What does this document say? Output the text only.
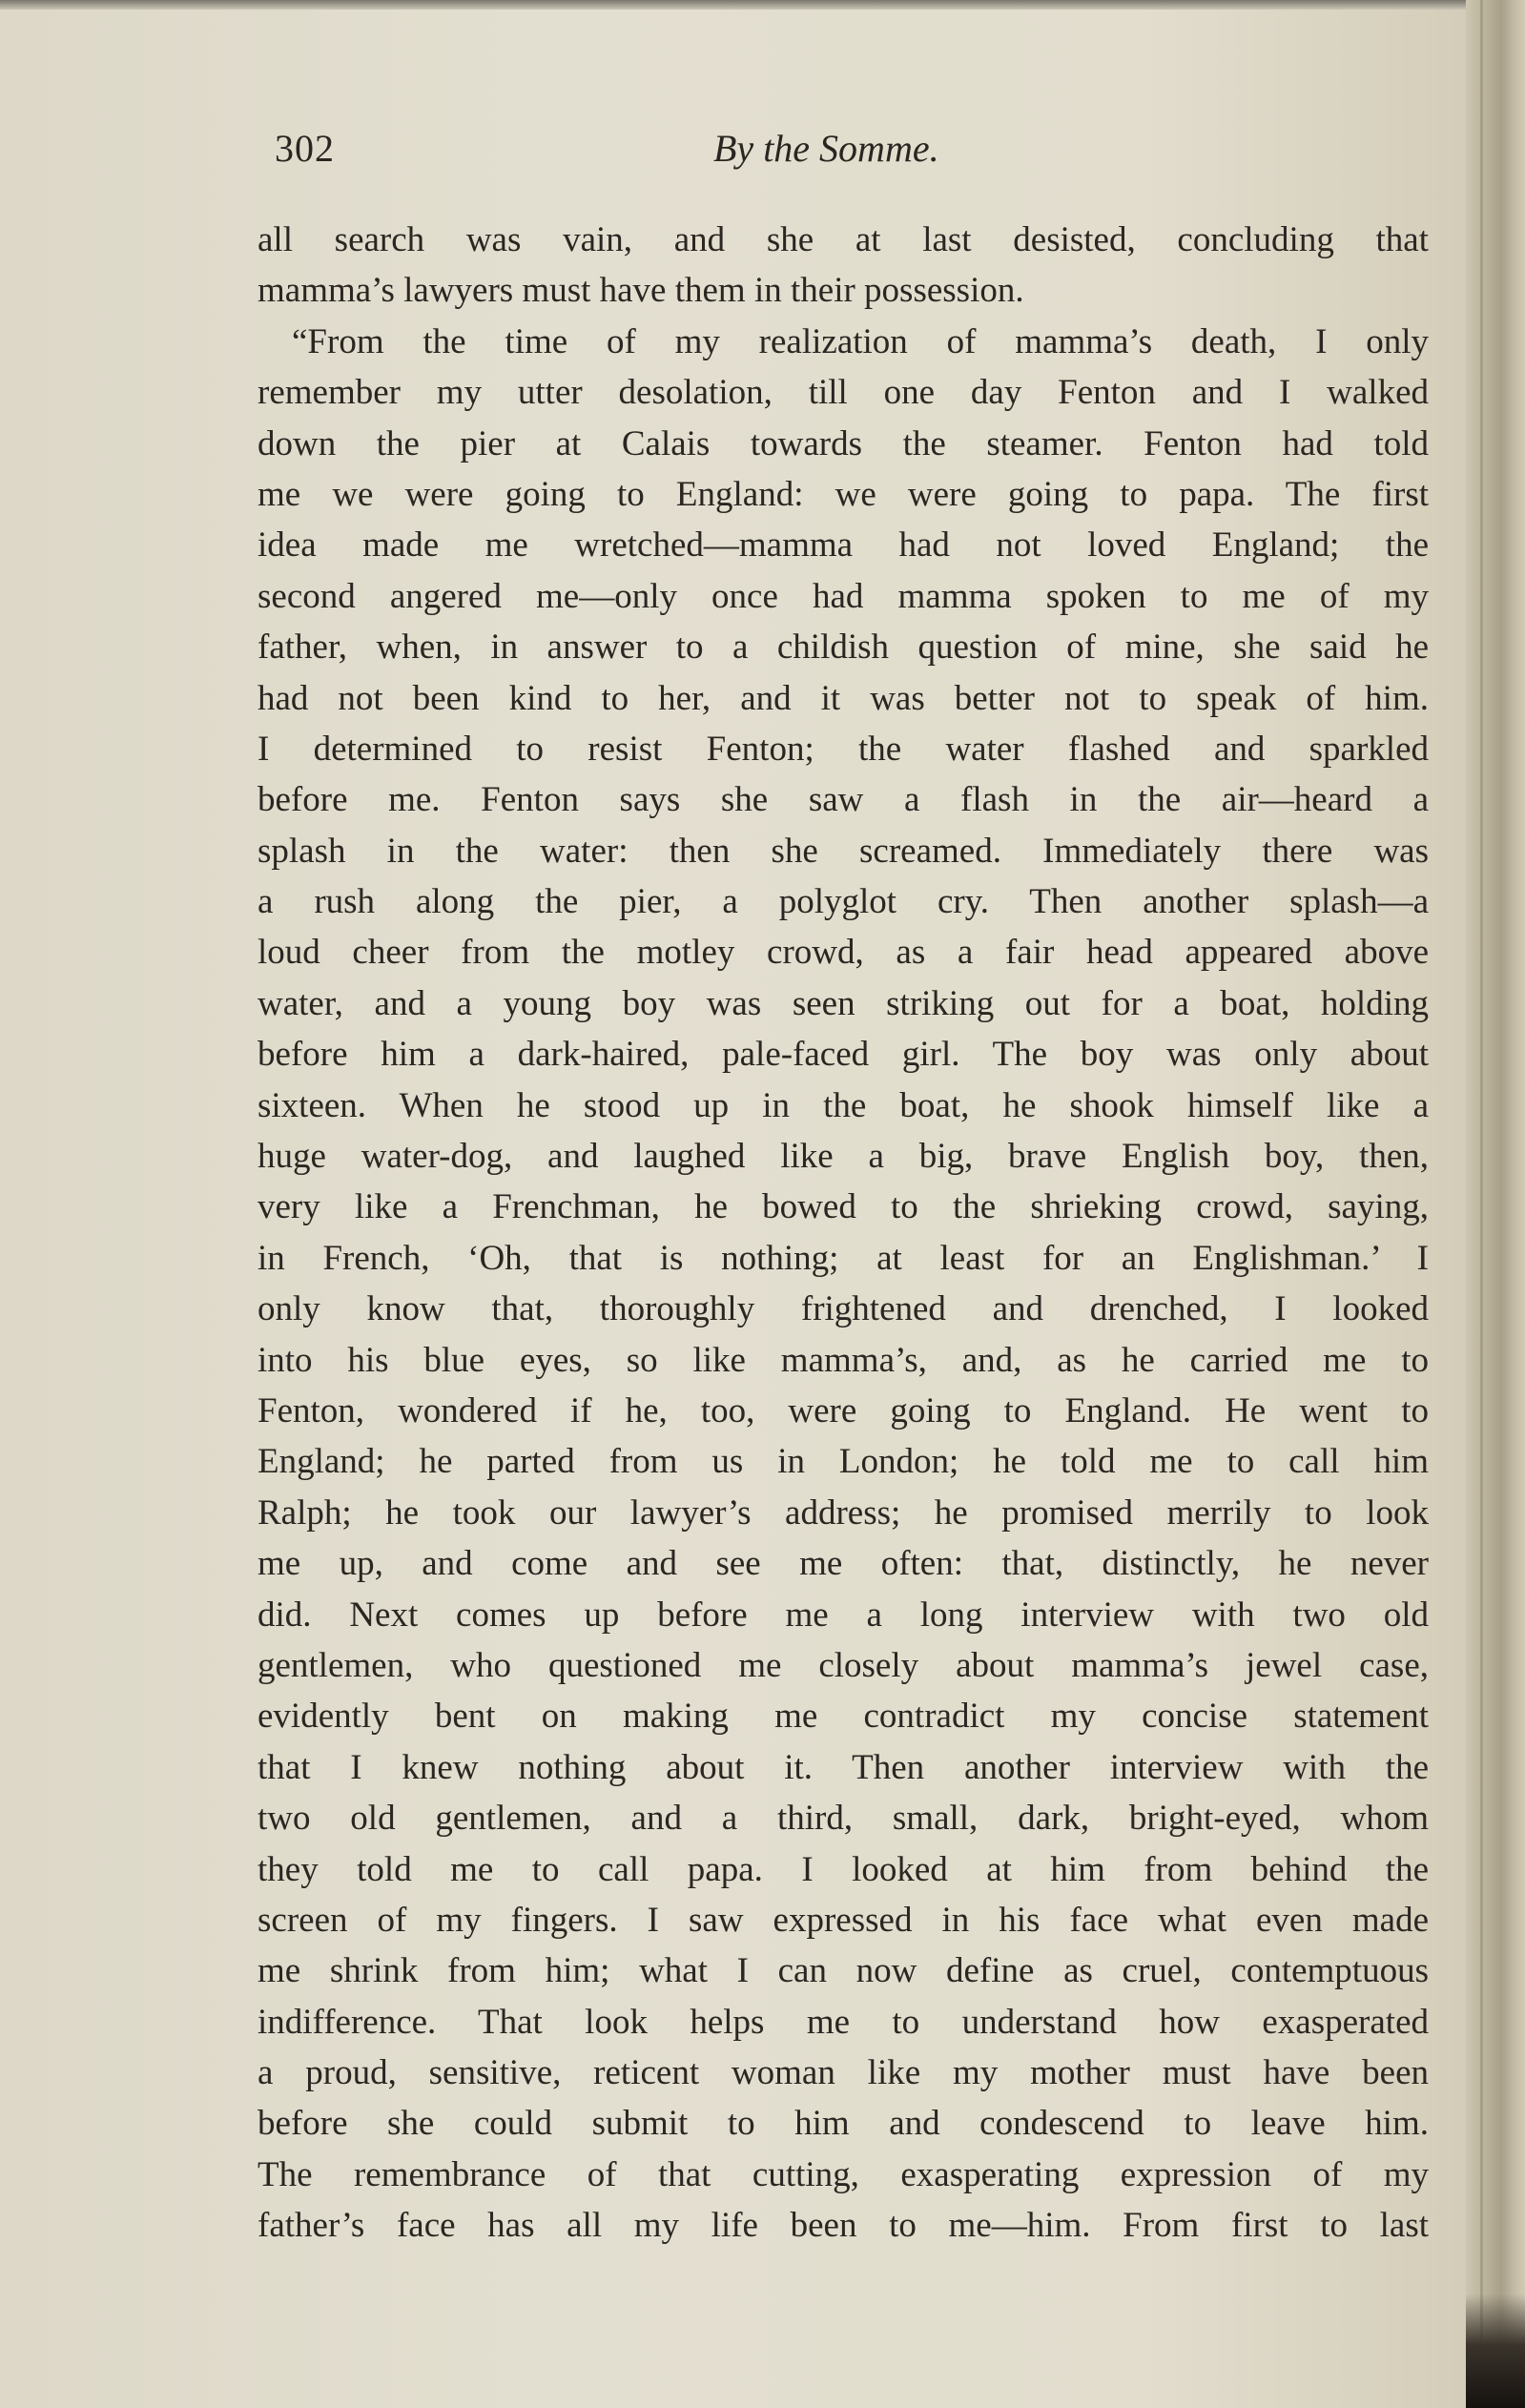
302	By the Somme.
all search was vain, and she at last desisted, concluding that
mamma’s lawyers must have them in their possession.
“From the time of my realization of mamma’s death, I only
remember my utter desolation, till one day Fenton and I walked
down the pier at Calais towards the steamer. Fenton had told
me we were going to England: we were going to papa. The first
idea made me wretched—mamma had not loved England; the
second angered me—only once had mamma spoken to me of my
father, when, in answer to a childish question of mine, she said he
had not been kind to her, and it was better not to speak of him.
I determined to resist Fenton; the water flashed and sparkled
before me. Fenton says she saw a flash in the air—heard a
splash in the water: then she screamed. Immediately there was
a rush along the pier, a polyglot cry. Then another splash—a
loud cheer from the motley crowd, as a fair head appeared above
water, and a young boy was seen striking out for a boat, holding
before him a dark-haired, pale-faced girl. The boy was only about
sixteen. When he stood up in the boat, he shook himself like a
huge water-dog, and laughed like a big, brave English boy, then,
very like a Frenchman, he bowed to the shrieking crowd, saying,
in French, ‘Oh, that is nothing; at least for an Englishman.’ I
only know that, thoroughly frightened and drenched, I looked
into his blue eyes, so like mamma’s, and, as he carried me to
Fenton, wondered if he, too, were going to England. He went to
England; he parted from us in London; he told me to call him
Ralph; he took our lawyer’s address; he promised merrily to look
me up, and come and see me often: that, distinctly, he never
did. Next comes up before me a long interview with two old
gentlemen, who questioned me closely about mamma’s jewel case,
evidently bent on making me contradict my concise statement
that I knew nothing about it. Then another interview with the
two old gentlemen, and a third, small, dark, bright-eyed, whom
they told me to call papa. I looked at him from behind the
screen of my fingers. I saw expressed in his face what even made
me shrink from him; what I can now define as cruel, contemptuous
indifference. That look helps me to understand how exasperated
a proud, sensitive, reticent woman like my mother must have been
before she could submit to him and condescend to leave him.
The remembrance of that cutting, exasperating expression of my
father’s face has all my life been to me—him. From first to last
